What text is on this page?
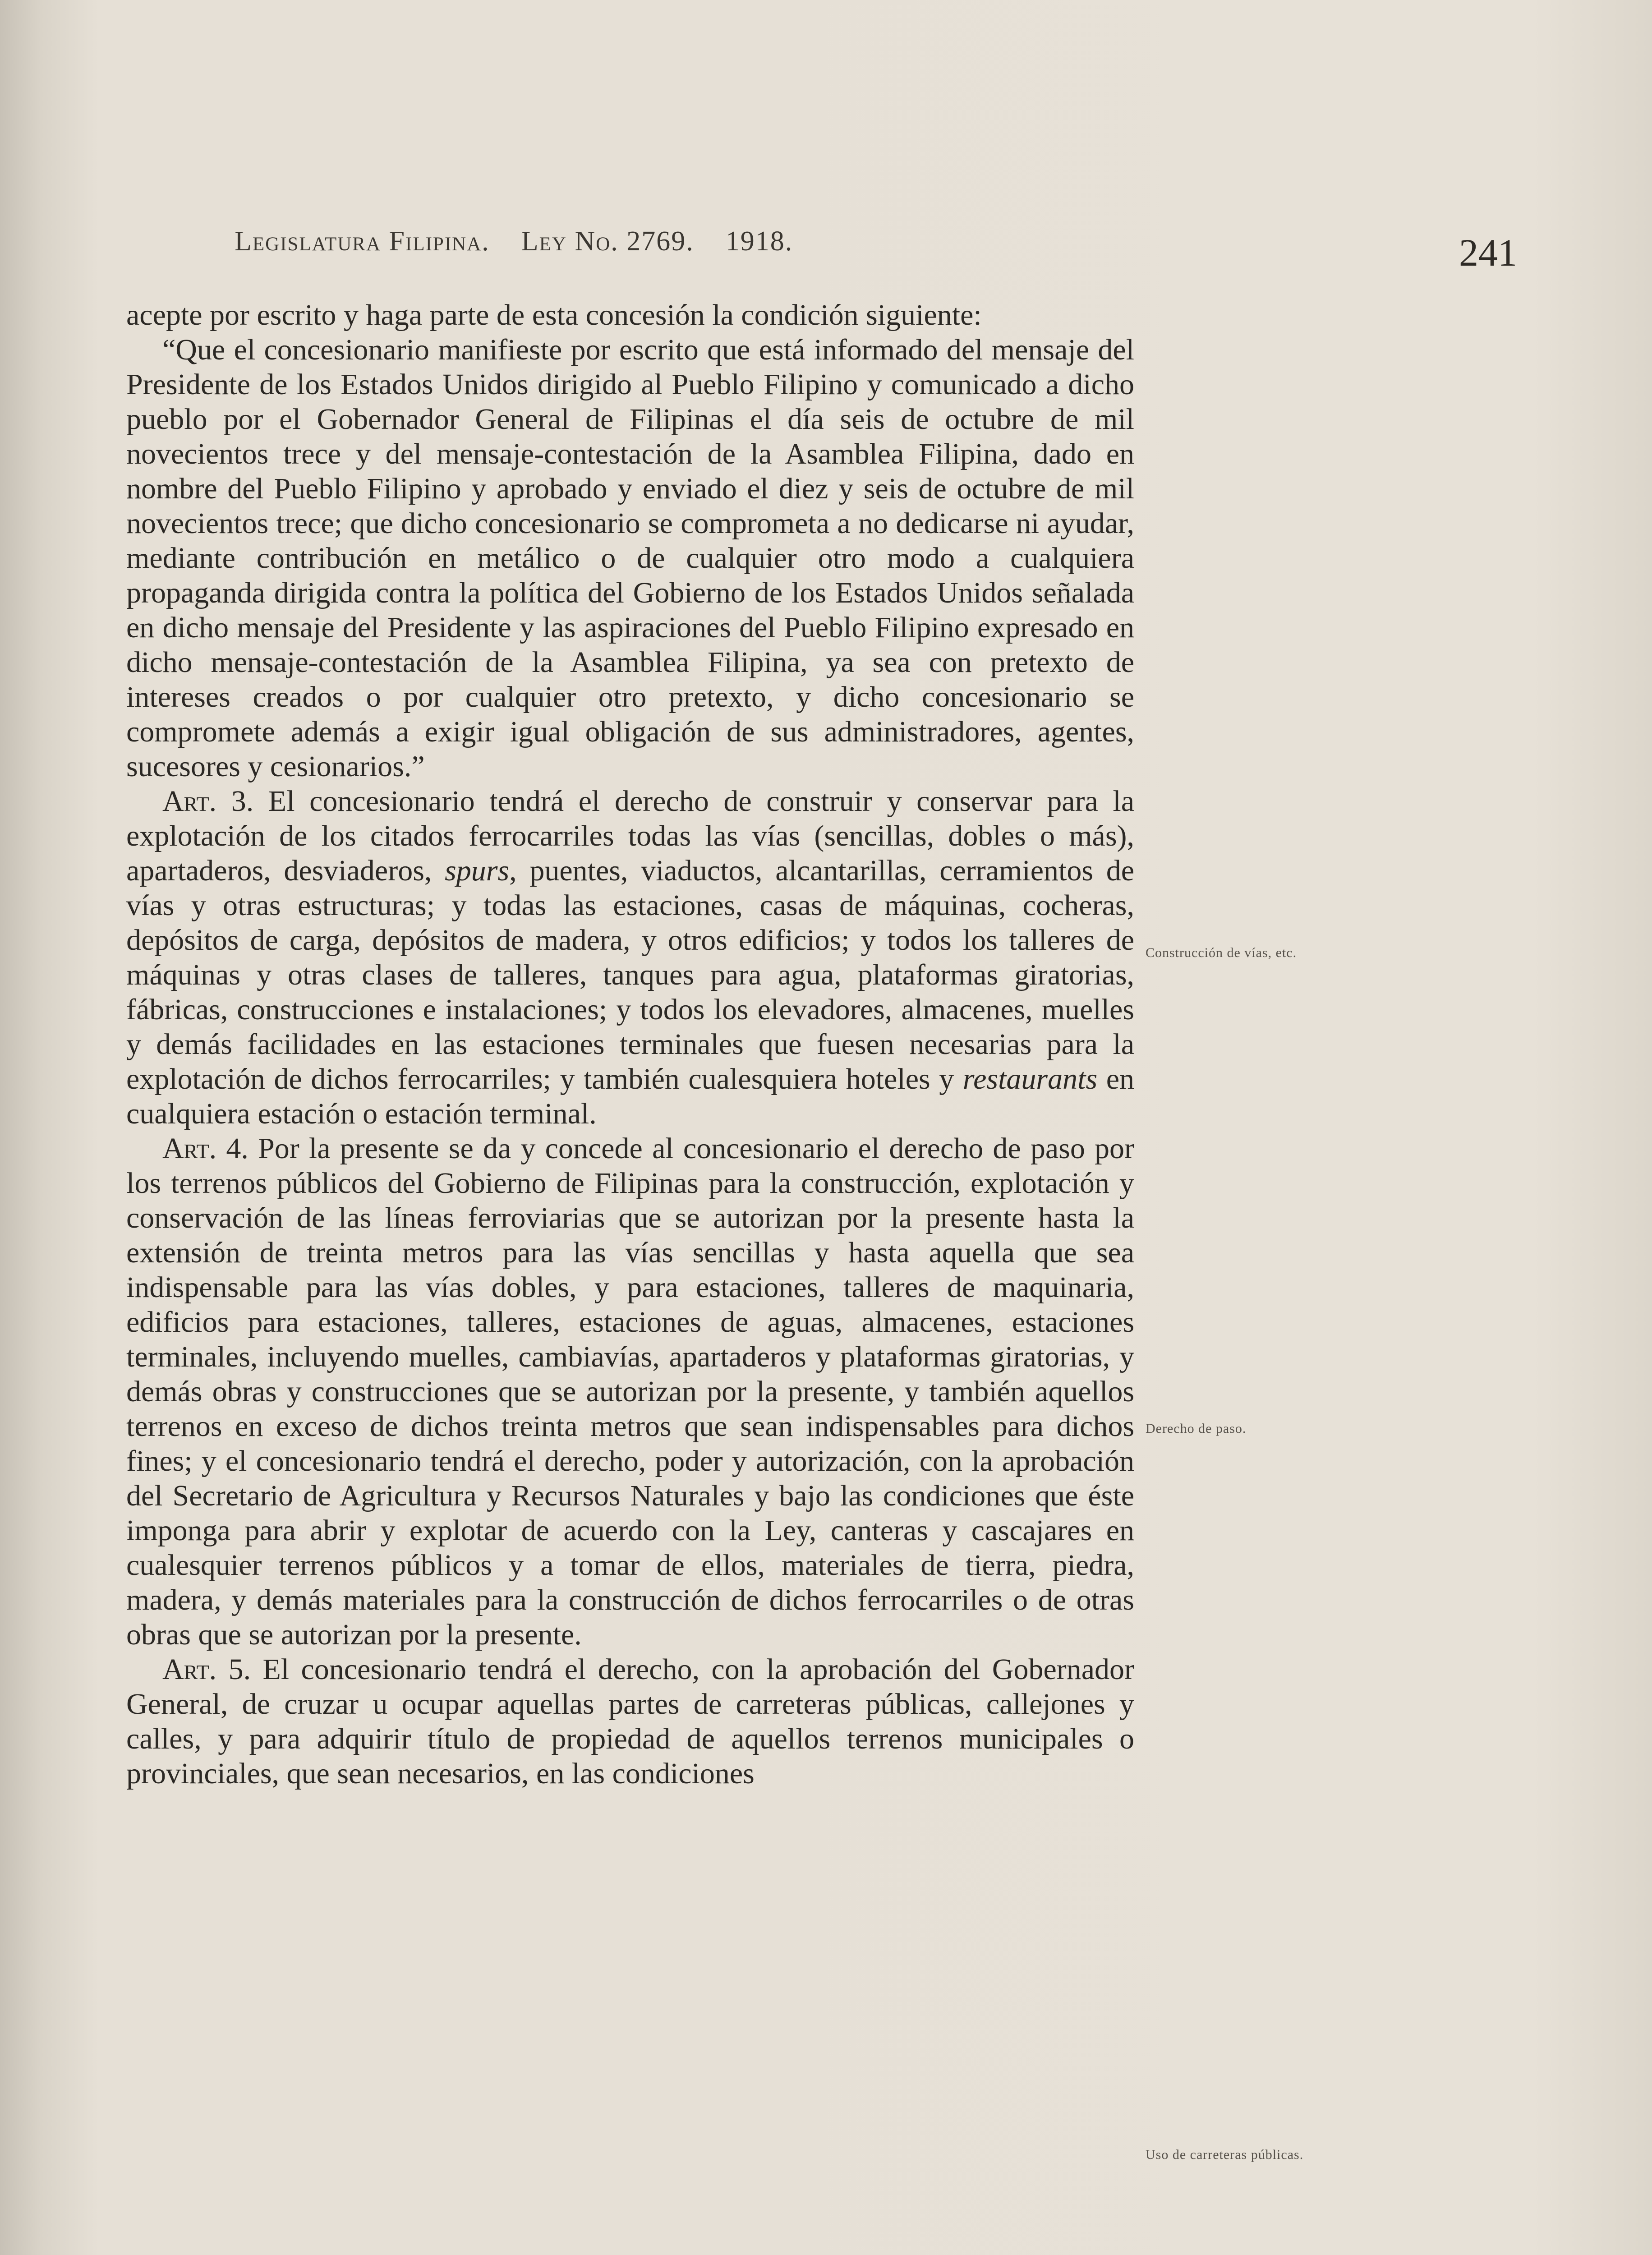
Legislatura Filipina. Ley No. 2769. 1918.	241

acepte por escrito y haga parte de esta concesión la condición siguiente:

“Que el concesionario manifieste por escrito que está informado del mensaje del Presidente de los Estados Unidos dirigido al Pueblo Filipino y comunicado a dicho pueblo por el Gobernador General de Filipinas el día seis de octubre de mil novecientos trece y del mensaje-contestación de la Asamblea Filipina, dado en nombre del Pueblo Filipino y aprobado y enviado el diez y seis de octubre de mil novecientos trece; que dicho concesionario se comprometa a no dedicarse ni ayudar, mediante contribución en metálico o de cualquier otro modo a cualquiera propaganda dirigida contra la política del Gobierno de los Estados Unidos señalada en dicho mensaje del Presidente y las aspiraciones del Pueblo Filipino expresado en dicho mensaje-contestación de la Asamblea Filipina, ya sea con pretexto de intereses creados o por cualquier otro pretexto, y dicho concesionario se compromete además a exigir igual obligación de sus administradores, agentes, sucesores y cesionarios.”

Art. 3. El concesionario tendrá el derecho de construir y conservar para la explotación de los citados ferrocarriles todas las vías (sencillas, dobles o más), apartaderos, desviaderos, spurs, puentes, viaductos, alcantarillas, cerramientos de vías y otras estructuras; y todas las estaciones, casas de máquinas, cocheras, depósitos de carga, depósitos de madera, y otros edificios; y todos los talleres de máquinas y otras clases de talleres, tanques para agua, plataformas giratorias, fábricas, construcciones e instalaciones; y todos los elevadores, almacenes, muelles y demás facilidades en las estaciones terminales que fuesen necesarias para la explotación de dichos ferrocarriles; y también cualesquiera hoteles y restaurants en cualquiera estación o estación terminal.

Art. 4. Por la presente se da y concede al concesionario el derecho de paso por los terrenos públicos del Gobierno de Filipinas para la construcción, explotación y conservación de las líneas ferroviarias que se autorizan por la presente hasta la extensión de treinta metros para las vías sencillas y hasta aquella que sea indispensable para las vías dobles, y para estaciones, talleres de maquinaria, edificios para estaciones, talleres, estaciones de aguas, almacenes, estaciones terminales, incluyendo muelles, cambiavías, apartaderos y plataformas giratorias, y demás obras y construcciones que se autorizan por la presente, y también aquellos terrenos en exceso de dichos treinta metros que sean indispensables para dichos fines; y el concesionario tendrá el derecho, poder y autorización, con la aprobación del Secretario de Agricultura y Recursos Naturales y bajo las condiciones que éste imponga para abrir y explotar de acuerdo con la Ley, canteras y cascajares en cualesquier terrenos públicos y a tomar de ellos, materiales de tierra, piedra, madera, y demás materiales para la construcción de dichos ferrocarriles o de otras obras que se autorizan por la presente.

Art. 5. El concesionario tendrá el derecho, con la aprobación del Gobernador General, de cruzar u ocupar aquellas partes de carreteras públicas, callejones y calles, y para adquirir título de propiedad de aquellos terrenos municipales o provinciales, que sean necesarios, en las condiciones

Construcción de vías, etc.
Derecho de paso.
Uso de carreteras públicas.
